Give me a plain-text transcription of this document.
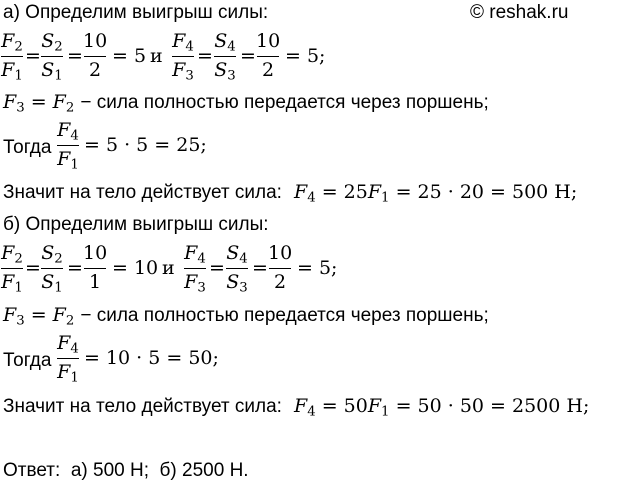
© reshak.ru
а) Определим выигрыш силы:
$F_2$
$F_1$
=
$S_2$
$S_1$
=
10
2
= 5 и
$F_4$
$F_3$
=
$S_4$
$S_3$
=
10
2
= 5;
$F_3 = F_2$ − сила полностью передается через поршень;
Тогда
$F_4$
$F_1$
= 5 · 5 = 25;
Значит на тело действует сила: $F_4 = 25F_1 = 25 \cdot 20 = 500$ Н;
б) Определим выигрыш силы:
$F_2$
$F_1$
=
$S_2$
$S_1$
=
10
1
= 10 и
$F_4$
$F_3$
=
$S_4$
$S_3$
=
10
2
= 5;
$F_3 = F_2$ − сила полностью передается через поршень;
Тогда
$F_4$
$F_1$
= 10 · 5 = 50;
Значит на тело действует сила: $F_4 = 50F_1 = 50 \cdot 50 = 2500$ Н;
Ответ:  а) 500 Н;  б) 2500 Н.
